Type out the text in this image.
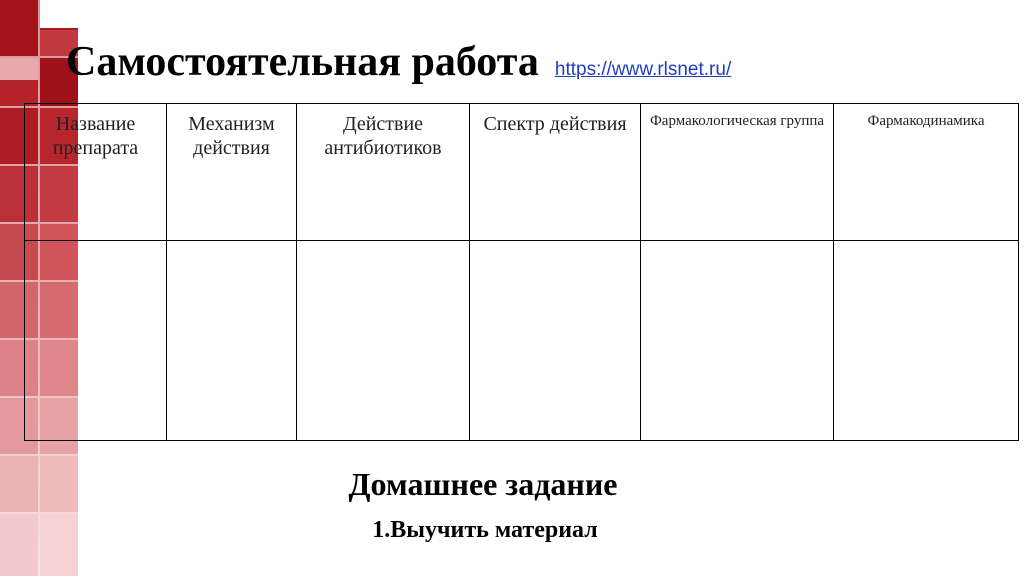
Самостоятельная работа https://www.rlsnet.ru/
Название препарата	Механизм действия	Действие антибиотиков	Спектр действия	Фармакологическая группа	Фармакодинамика

Домашнее задание
1.Выучить материал
